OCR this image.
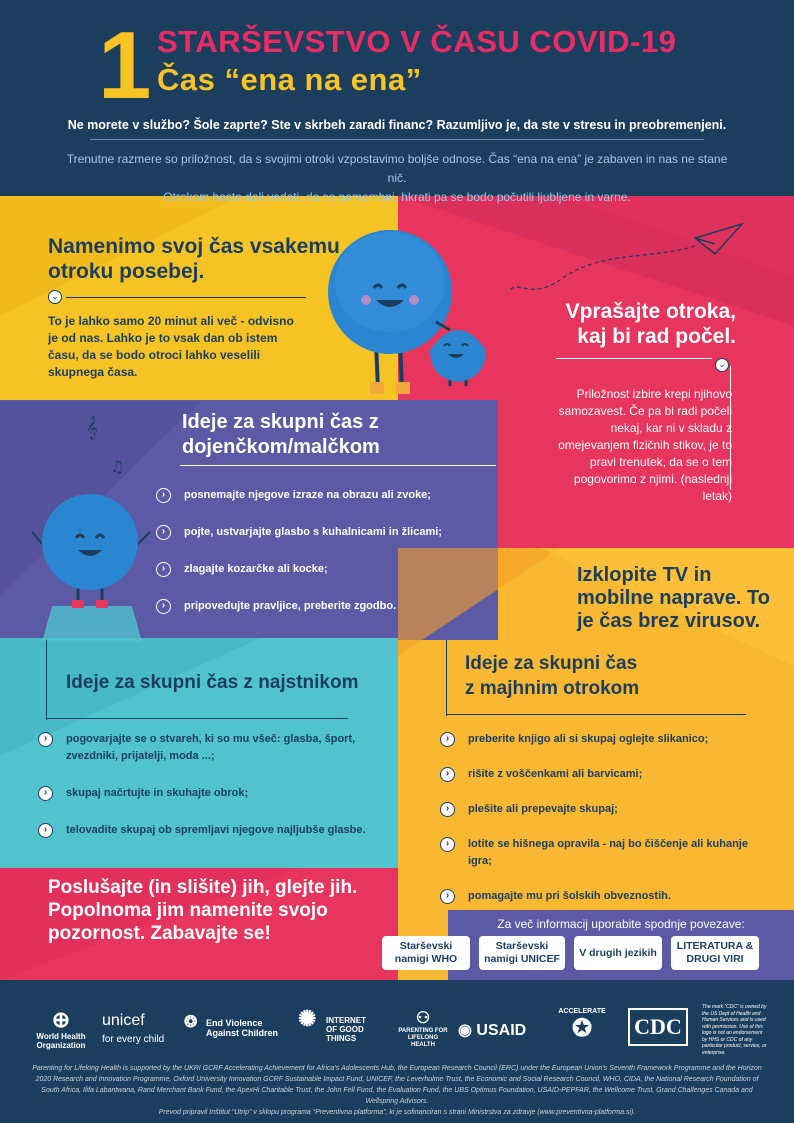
1 STARŠEVSTVO V ČASU COVID-19
Čas “ena na ena”
Ne morete v službo? Šole zaprte? Ste v skrbeh zaradi financ? Razumljivo je, da ste v stresu in preobremenjeni.
Trenutne razmere so priložnost, da s svojimi otroki vzpostavimo boljše odnose. Čas “ena na ena” je zabaven in nas ne stane nič.
Otrokom boste dali vedeti, da so pomembni, hkrati pa se bodo počutili ljubljene in varne.
Namenimo svoj čas vsakemu
otroku posebej.
⌄
To je lahko samo 20 minut ali več - odvisno je od nas. Lahko je to vsak dan ob istem času, da se bodo otroci lahko veselili skupnega časa.
Vprašajte otroka,
kaj bi rad počel.
⌄
Priložnost izbire krepi njihovo samozavest. Če pa bi radi počeli nekaj, kar ni v skladu z omejevanjem fizičnih stikov, je to pravi trenutek, da se o tem pogovorimo z njimi. (naslednji letak)
𝄞
♫
Ideje za skupni čas z
dojenčkom/malčkom
›	posnemajte njegove izraze na obrazu ali zvoke;
›	pojte, ustvarjajte glasbo s kuhalnicami in žlicami;
›	zlagajte kozarčke ali kocke;
›	pripovedujte pravljice, preberite zgodbo.
Izklopite TV in mobilne naprave. To je čas brez virusov.
Ideje za skupni čas z najstnikom
›	pogovarjajte se o stvareh, ki so mu všeč: glasba, šport, zvezdniki, prijatelji, moda ...;
›	skupaj načrtujte in skuhajte obrok;
›	telovadite skupaj ob spremljavi njegove najljubše glasbe.
Ideje za skupni čas
z majhnim otrokom
›	preberite knjigo ali si skupaj oglejte slikanico;
›	rišite z voščenkami ali barvicami;
›	plešite ali prepevajte skupaj;
›	lotite se hišnega opravila - naj bo čiščenje ali kuhanje igra;
›	pomagajte mu pri šolskih obveznostih.
Poslušajte (in slišite) jih, glejte jih. Popolnoma jim namenite svojo pozornost. Zabavajte se!	Za več informacij uporabite spodnje povezave:
Starševski namigi WHO
Starševski namigi UNICEF
V drugih jezikih
LITERATURA & DRUGI VIRI
⊕
World Health Organization
unicef
for every child
❂ End Violence Against Children
✺ INTERNET OF GOOD THINGS
⚇
PARENTING FOR LIFELONG HEALTH
◉ USAID
ACCELERATE
✪	CDC
The mark “CDC” is owned by the US Dept of Health and Human Services and is used with permission. Use of this logo is not an endorsement by HHS or CDC of any particular product, service, or enterprise.
Parenting for Lifelong Health is supported by the UKRI GCRF Accelerating Achievement for Africa's Adolescents Hub, the European Research Council (ERC) under the European Union's Seventh Framework Programme and the Horizon 2020 Research and Innovation Programme, Oxford University Innovation GCRF Sustainable Impact Fund, UNICEF, the Leverhulme Trust, the Economic and Social Research Council, WHO, CIDA, the National Research Foundation of South Africa, Ilifa Labantwana, Rand Merchant Bank Fund, the ApexHi Charitable Trust, the John Fell Fund, the Evaluation Fund, the UBS Optimus Foundation, USAID-PEPFAR, the Wellcome Trust, Grand Challenges Canada and Wellspring Advisors.
Prevod pripravil Inštitut “Utrip” v sklopu programa “Preventivna platforma”, ki je sofinanciran s strani Ministrstva za zdravje (www.preventivna-platforma.si).
